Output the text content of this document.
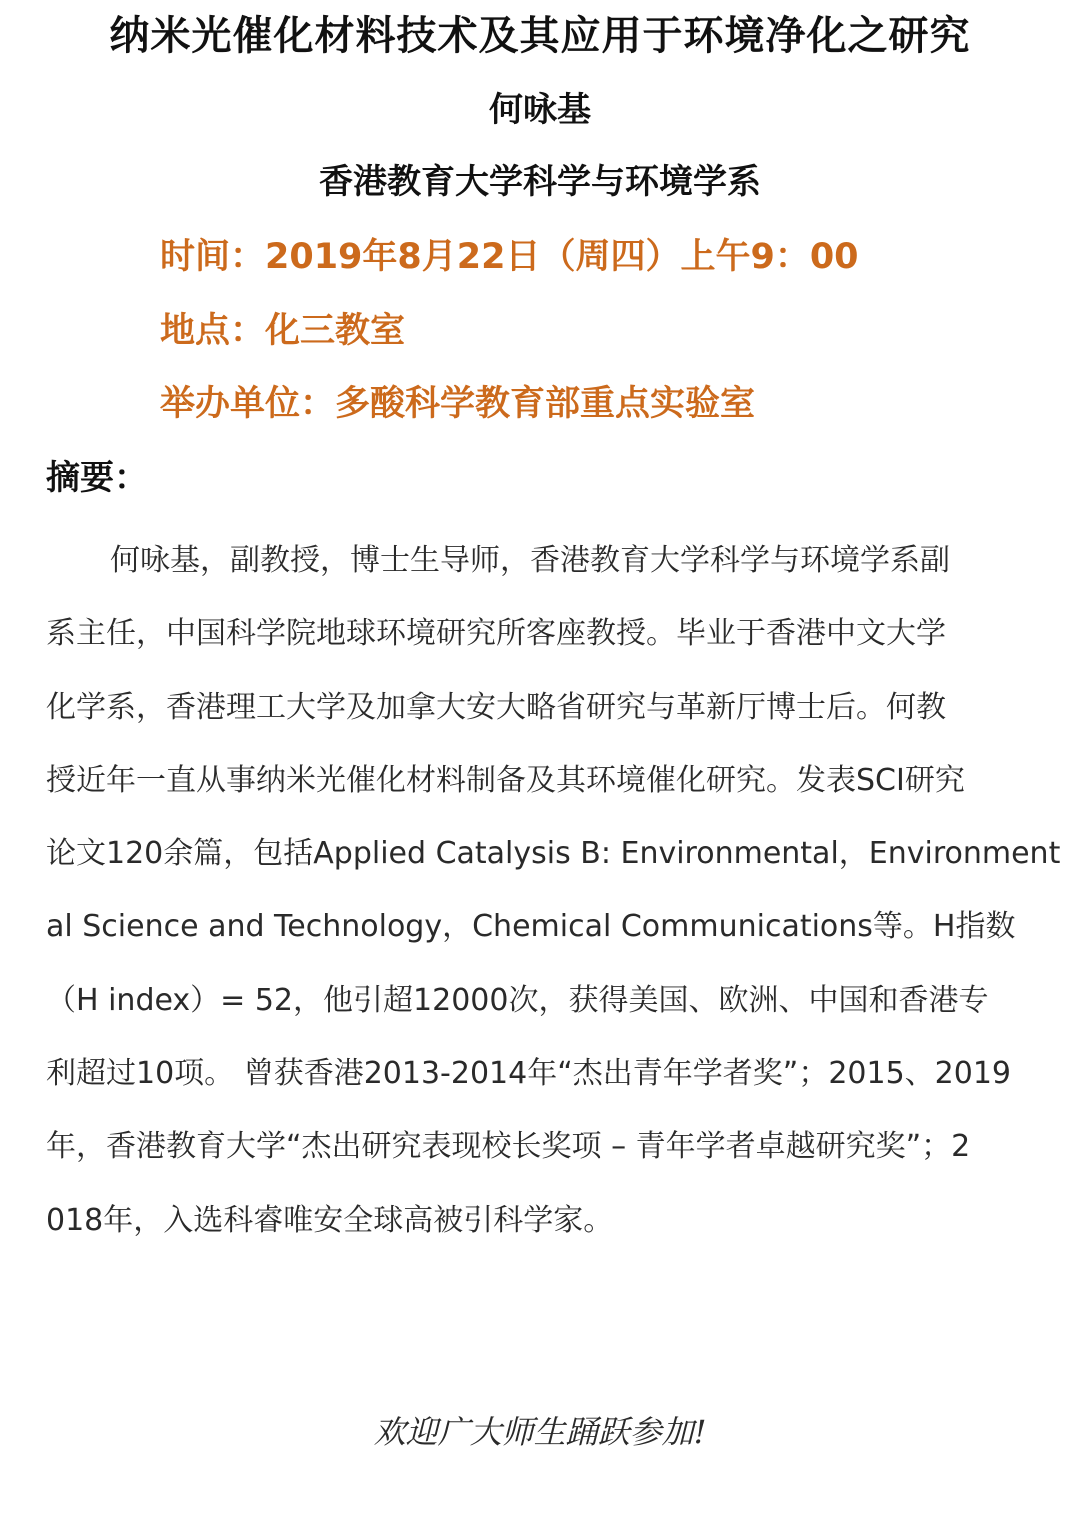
纳米光催化材料技术及其应用于环境净化之研究
何咏基
香港教育大学科学与环境学系
时间：2019年8月22日（周四）上午9：00
地点：化三教室
举办单位：多酸科学教育部重点实验室
摘要：
何咏基，副教授，博士生导师，香港教育大学科学与环境学系副
系主任，中国科学院地球环境研究所客座教授。毕业于香港中文大学
化学系，香港理工大学及加拿大安大略省研究与革新厅博士后。何教
授近年一直从事纳米光催化材料制备及其环境催化研究。发表SCI研究
论文120余篇，包括Applied Catalysis B: Environmental，Environment
al Science and Technology，Chemical Communications等。H指数
（H index）= 52，他引超12000次，获得美国、欧洲、中国和香港专
利超过10项。 曾获香港2013-2014年“杰出青年学者奖”；2015、2019
年，香港教育大学“杰出研究表现校长奖项 – 青年学者卓越研究奖”；2
018年，入选科睿唯安全球高被引科学家。
欢迎广大师生踊跃参加!
